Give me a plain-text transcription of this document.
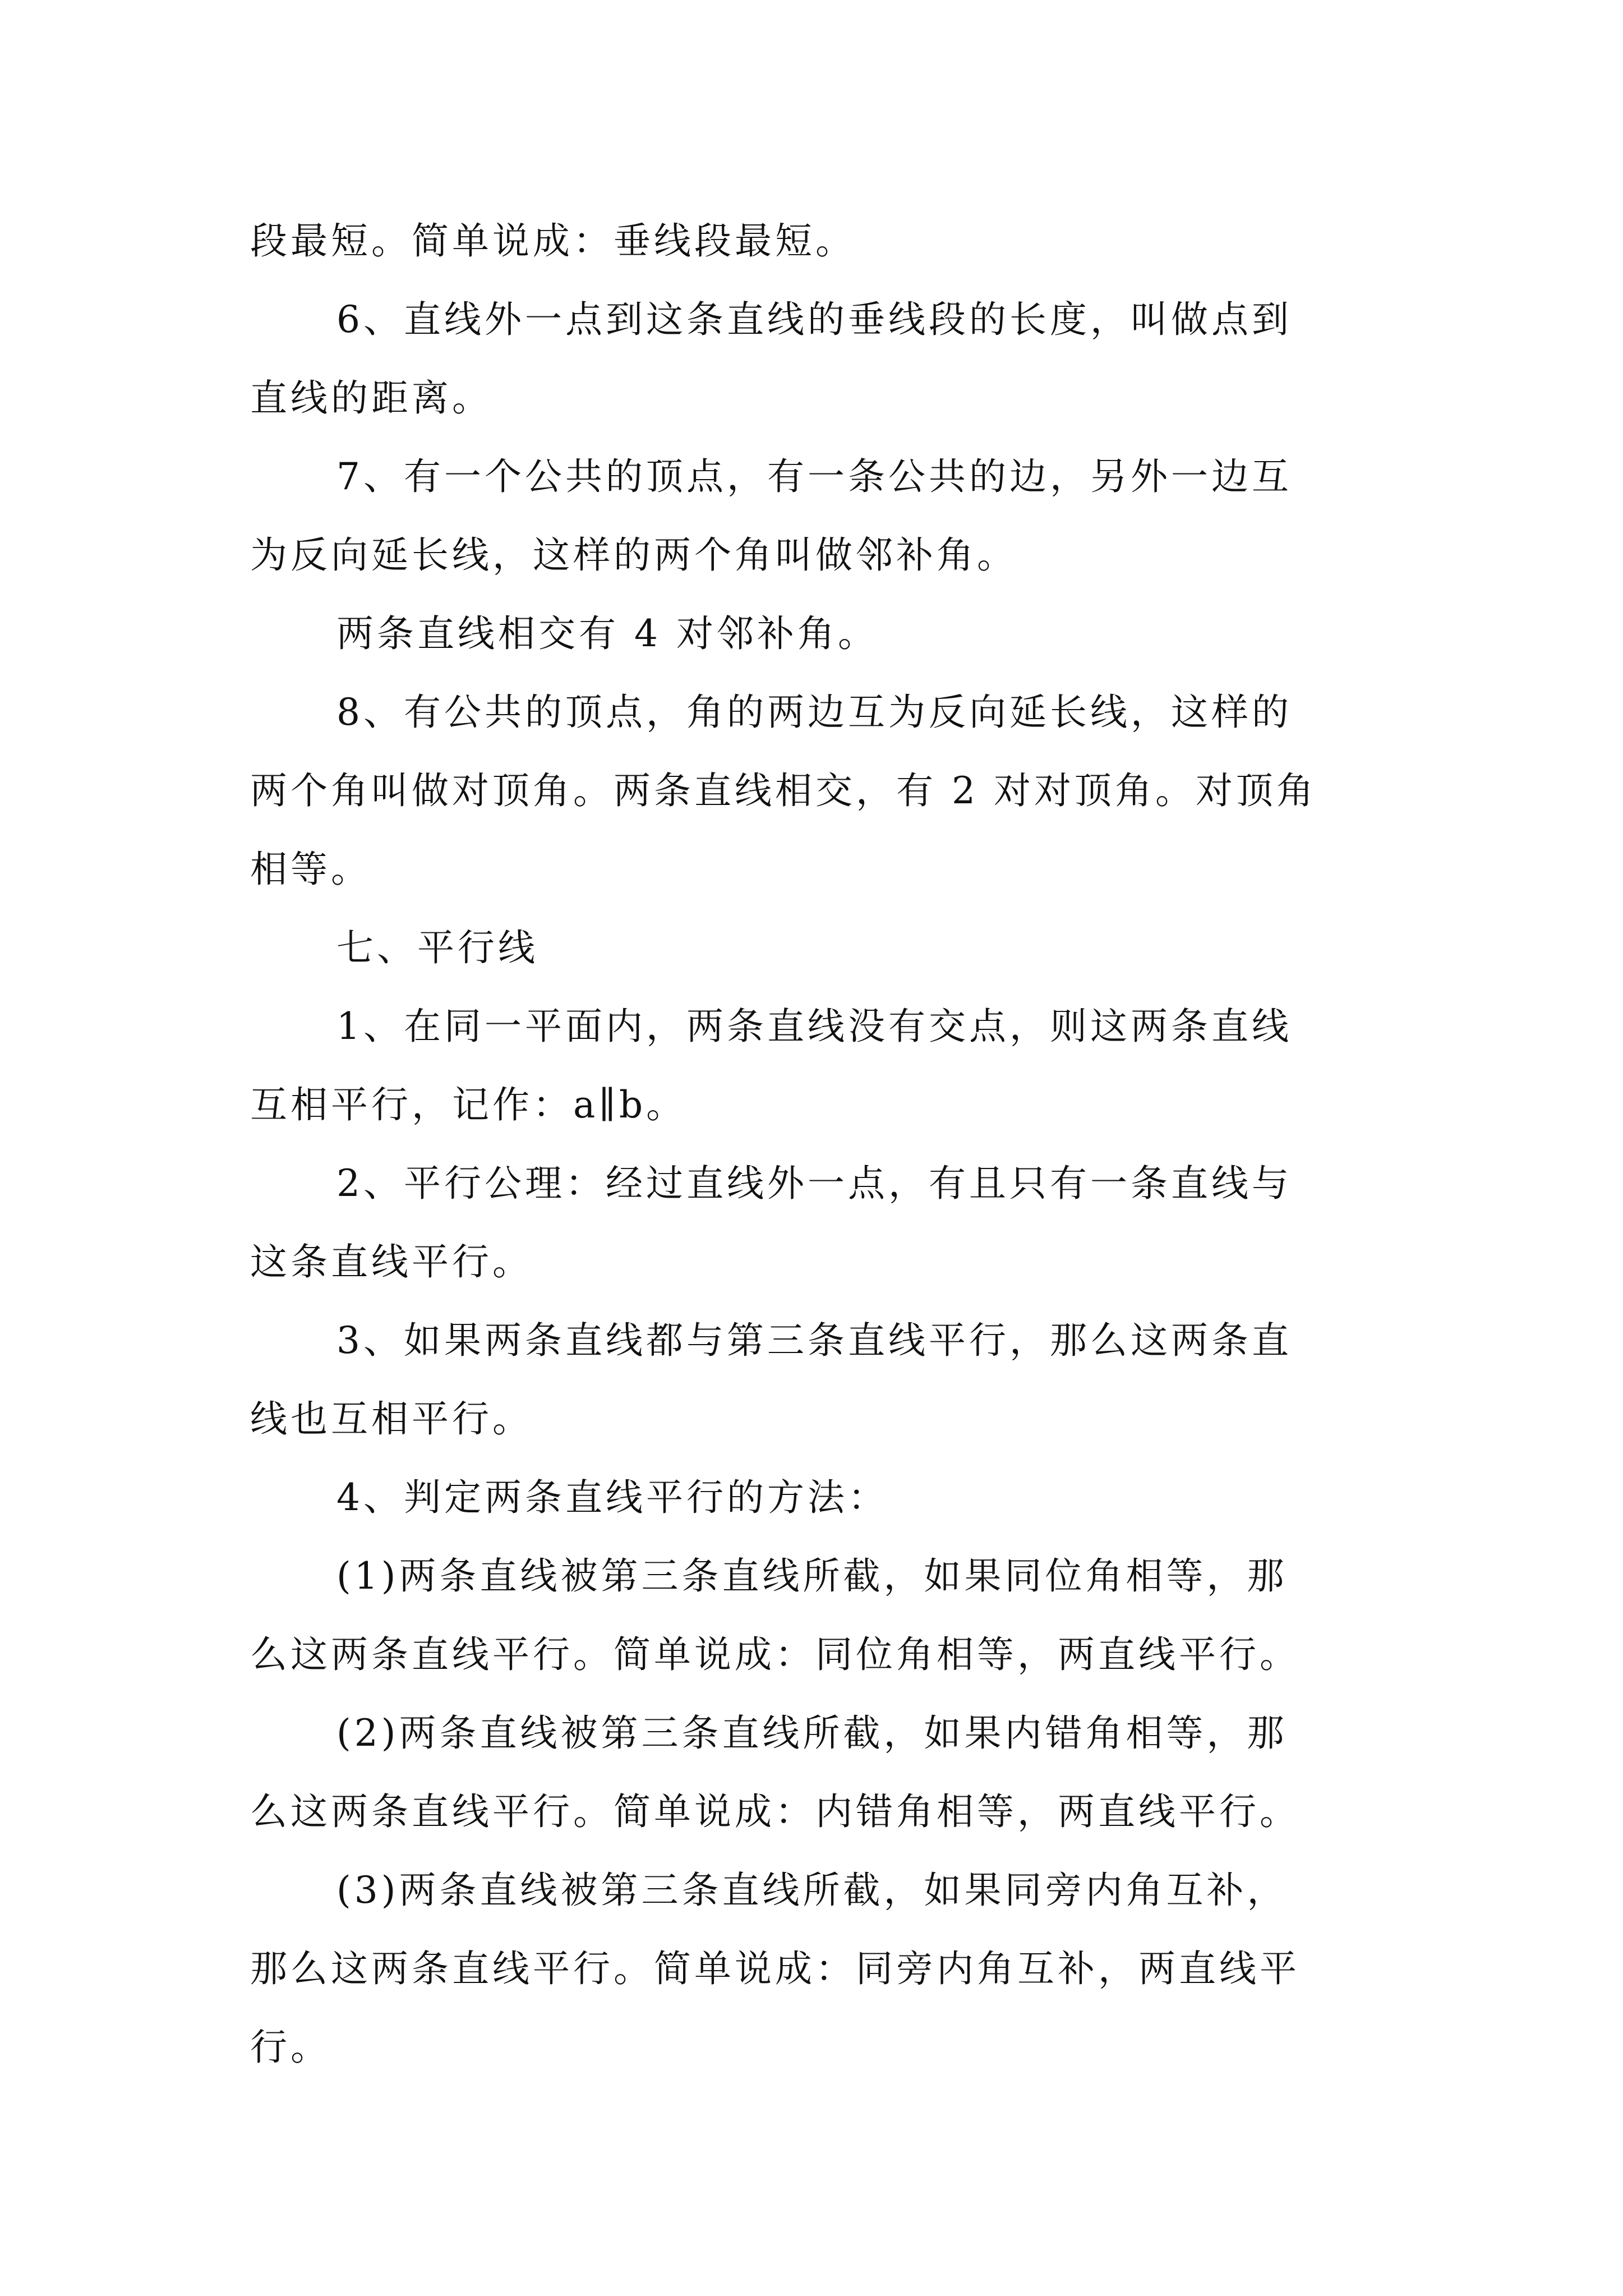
段最短。简单说成：垂线段最短。
6、直线外一点到这条直线的垂线段的长度，叫做点到
直线的距离。
7、有一个公共的顶点，有一条公共的边，另外一边互
为反向延长线，这样的两个角叫做邻补角。
两条直线相交有 4 对邻补角。
8、有公共的顶点，角的两边互为反向延长线，这样的
两个角叫做对顶角。两条直线相交，有 2 对对顶角。对顶角
相等。
七、平行线
1、在同一平面内，两条直线没有交点，则这两条直线
互相平行，记作：a∥b。
2、平行公理：经过直线外一点，有且只有一条直线与
这条直线平行。
3、如果两条直线都与第三条直线平行，那么这两条直
线也互相平行。
4、判定两条直线平行的方法：
(1)两条直线被第三条直线所截，如果同位角相等，那
么这两条直线平行。简单说成：同位角相等，两直线平行。
(2)两条直线被第三条直线所截，如果内错角相等，那
么这两条直线平行。简单说成：内错角相等，两直线平行。
(3)两条直线被第三条直线所截，如果同旁内角互补，
那么这两条直线平行。简单说成：同旁内角互补，两直线平
行。
